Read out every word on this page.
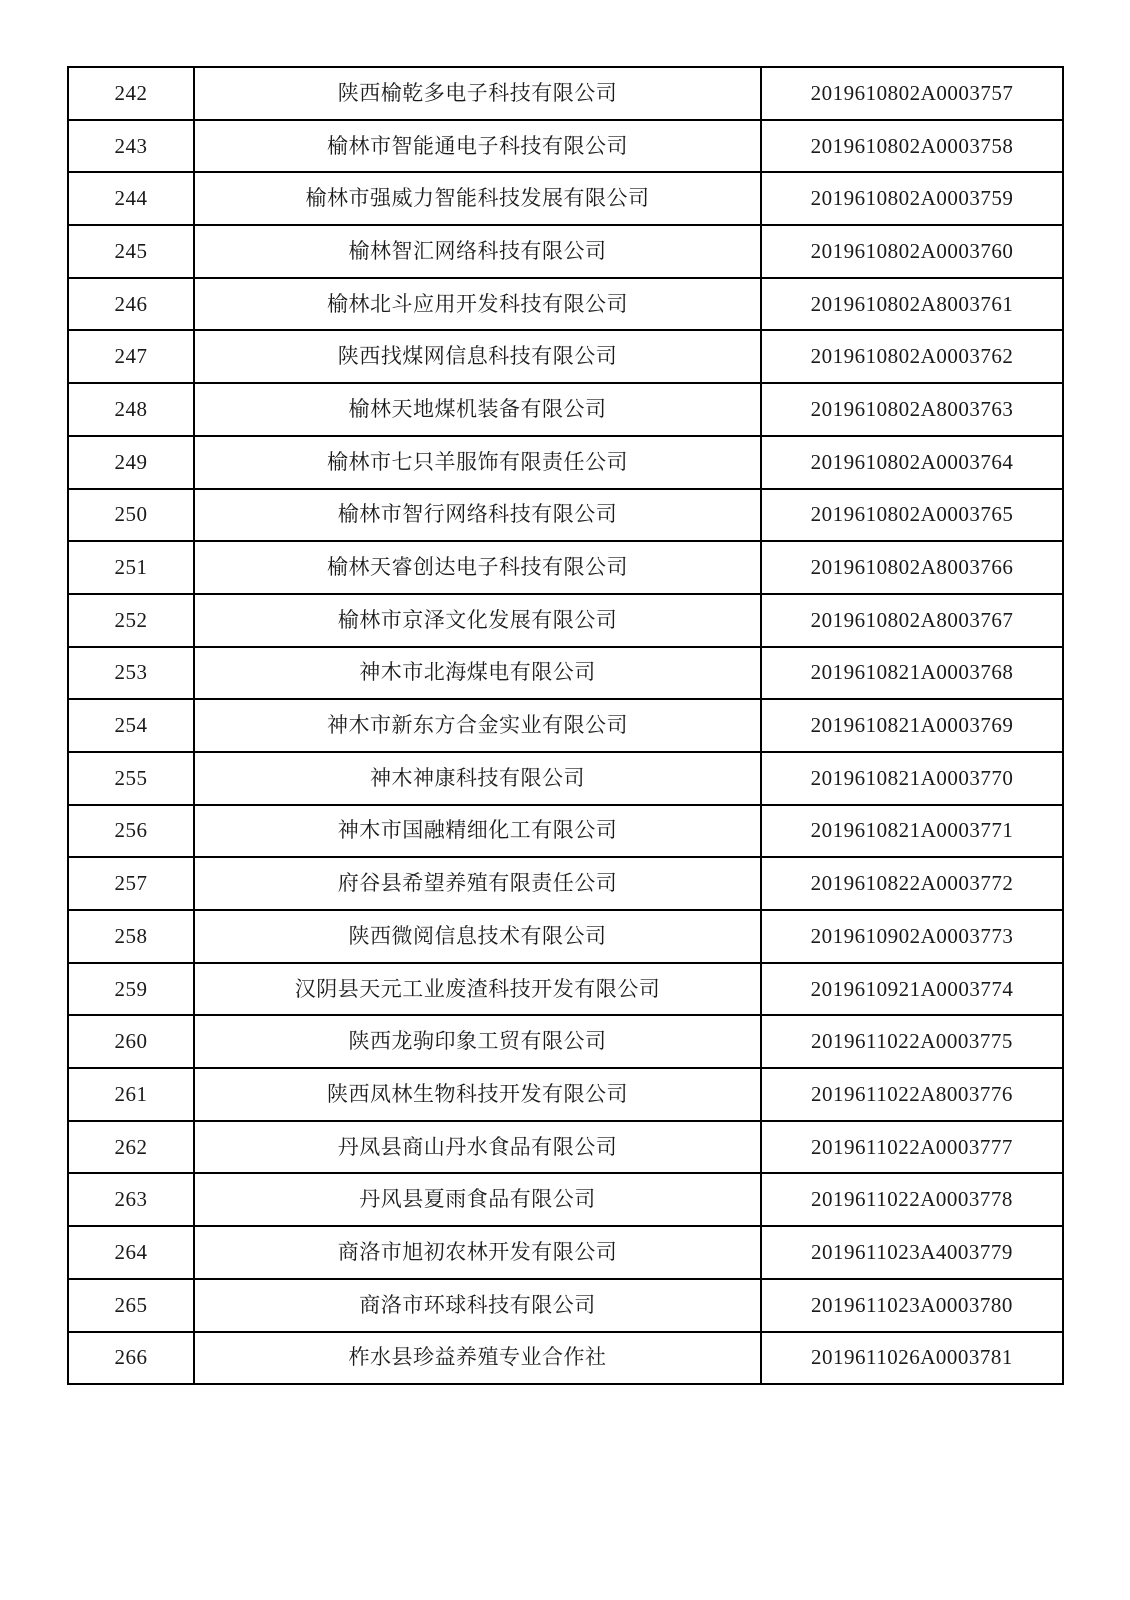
242	陕西榆乾多电子科技有限公司	2019610802A0003757
243	榆林市智能通电子科技有限公司	2019610802A0003758
244	榆林市强威力智能科技发展有限公司	2019610802A0003759
245	榆林智汇网络科技有限公司	2019610802A0003760
246	榆林北斗应用开发科技有限公司	2019610802A8003761
247	陕西找煤网信息科技有限公司	2019610802A0003762
248	榆林天地煤机装备有限公司	2019610802A8003763
249	榆林市七只羊服饰有限责任公司	2019610802A0003764
250	榆林市智行网络科技有限公司	2019610802A0003765
251	榆林天睿创达电子科技有限公司	2019610802A8003766
252	榆林市京泽文化发展有限公司	2019610802A8003767
253	神木市北海煤电有限公司	2019610821A0003768
254	神木市新东方合金实业有限公司	2019610821A0003769
255	神木神康科技有限公司	2019610821A0003770
256	神木市国融精细化工有限公司	2019610821A0003771
257	府谷县希望养殖有限责任公司	2019610822A0003772
258	陕西微阅信息技术有限公司	2019610902A0003773
259	汉阴县天元工业废渣科技开发有限公司	2019610921A0003774
260	陕西龙驹印象工贸有限公司	2019611022A0003775
261	陕西凤林生物科技开发有限公司	2019611022A8003776
262	丹凤县商山丹水食品有限公司	2019611022A0003777
263	丹风县夏雨食品有限公司	2019611022A0003778
264	商洛市旭初农林开发有限公司	2019611023A4003779
265	商洛市环球科技有限公司	2019611023A0003780
266	柞水县珍益养殖专业合作社	2019611026A0003781
